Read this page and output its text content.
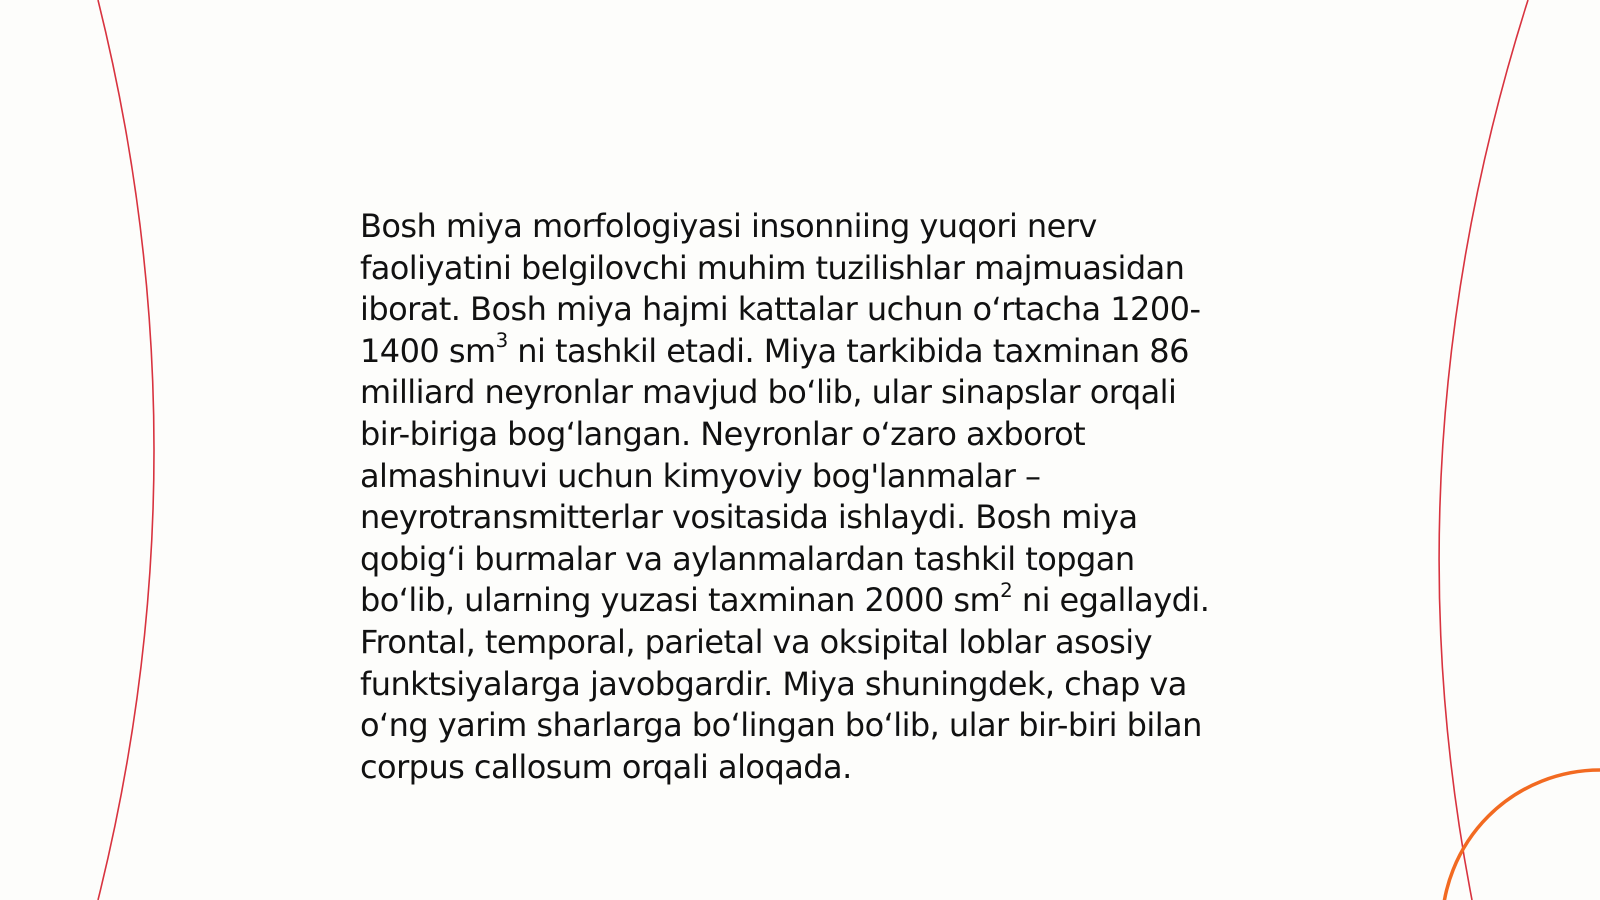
Bosh miya morfologiyasi insonniing yuqori nerv
faoliyatini belgilovchi muhim tuzilishlar majmuasidan
iborat. Bosh miya hajmi kattalar uchun o‘rtacha 1200-
1400 $sm^3$ ni tashkil etadi. Miya tarkibida taxminan 86
milliard neyronlar mavjud bo‘lib, ular sinapslar orqali
bir-biriga bog‘langan. Neyronlar o‘zaro axborot
almashinuvi uchun kimyoviy bog'lanmalar –
neyrotransmitterlar vositasida ishlaydi. Bosh miya
qobig‘i burmalar va aylanmalardan tashkil topgan
bo‘lib, ularning yuzasi taxminan 2000 $sm^2$ ni egallaydi.
Frontal, temporal, parietal va oksipital loblar asosiy
funktsiyalarga javobgardir. Miya shuningdek, chap va
o‘ng yarim sharlarga bo‘lingan bo‘lib, ular bir-biri bilan
corpus callosum orqali aloqada.
